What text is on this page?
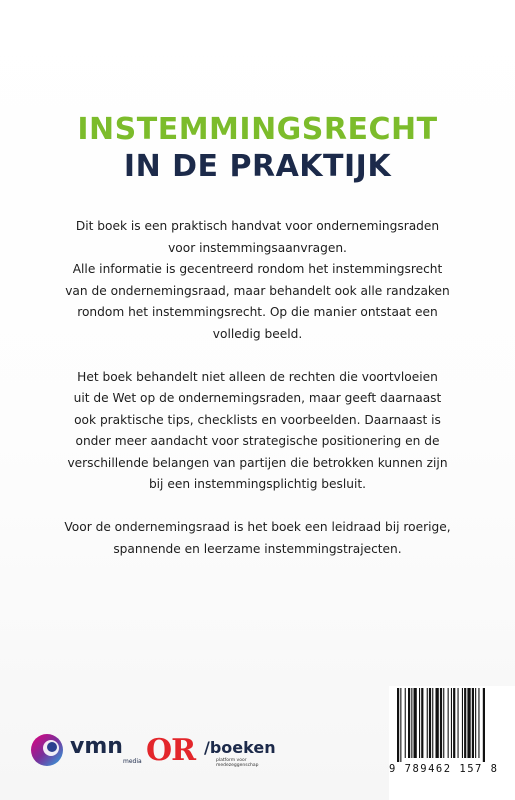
INSTEMMINGSRECHT
IN DE PRAKTIJK

Dit boek is een praktisch handvat voor ondernemingsraden
voor instemmingsaanvragen.
Alle informatie is gecentreerd rondom het instemmingsrecht
van de ondernemingsraad, maar behandelt ook alle randzaken
rondom het instemmingsrecht. Op die manier ontstaat een
volledig beeld.

Het boek behandelt niet alleen de rechten die voortvloeien
uit de Wet op de ondernemingsraden, maar geeft daarnaast
ook praktische tips, checklists en voorbeelden. Daarnaast is
onder meer aandacht voor strategische positionering en de
verschillende belangen van partijen die betrokken kunnen zijn
bij een instemmingsplichtig besluit.

Voor de ondernemingsraad is het boek een leidraad bij roerige,
spannende en leerzame instemmingstrajecten.

vmn
media OR /boeken
platform voor medezeggenschap	9 789462 157 8
